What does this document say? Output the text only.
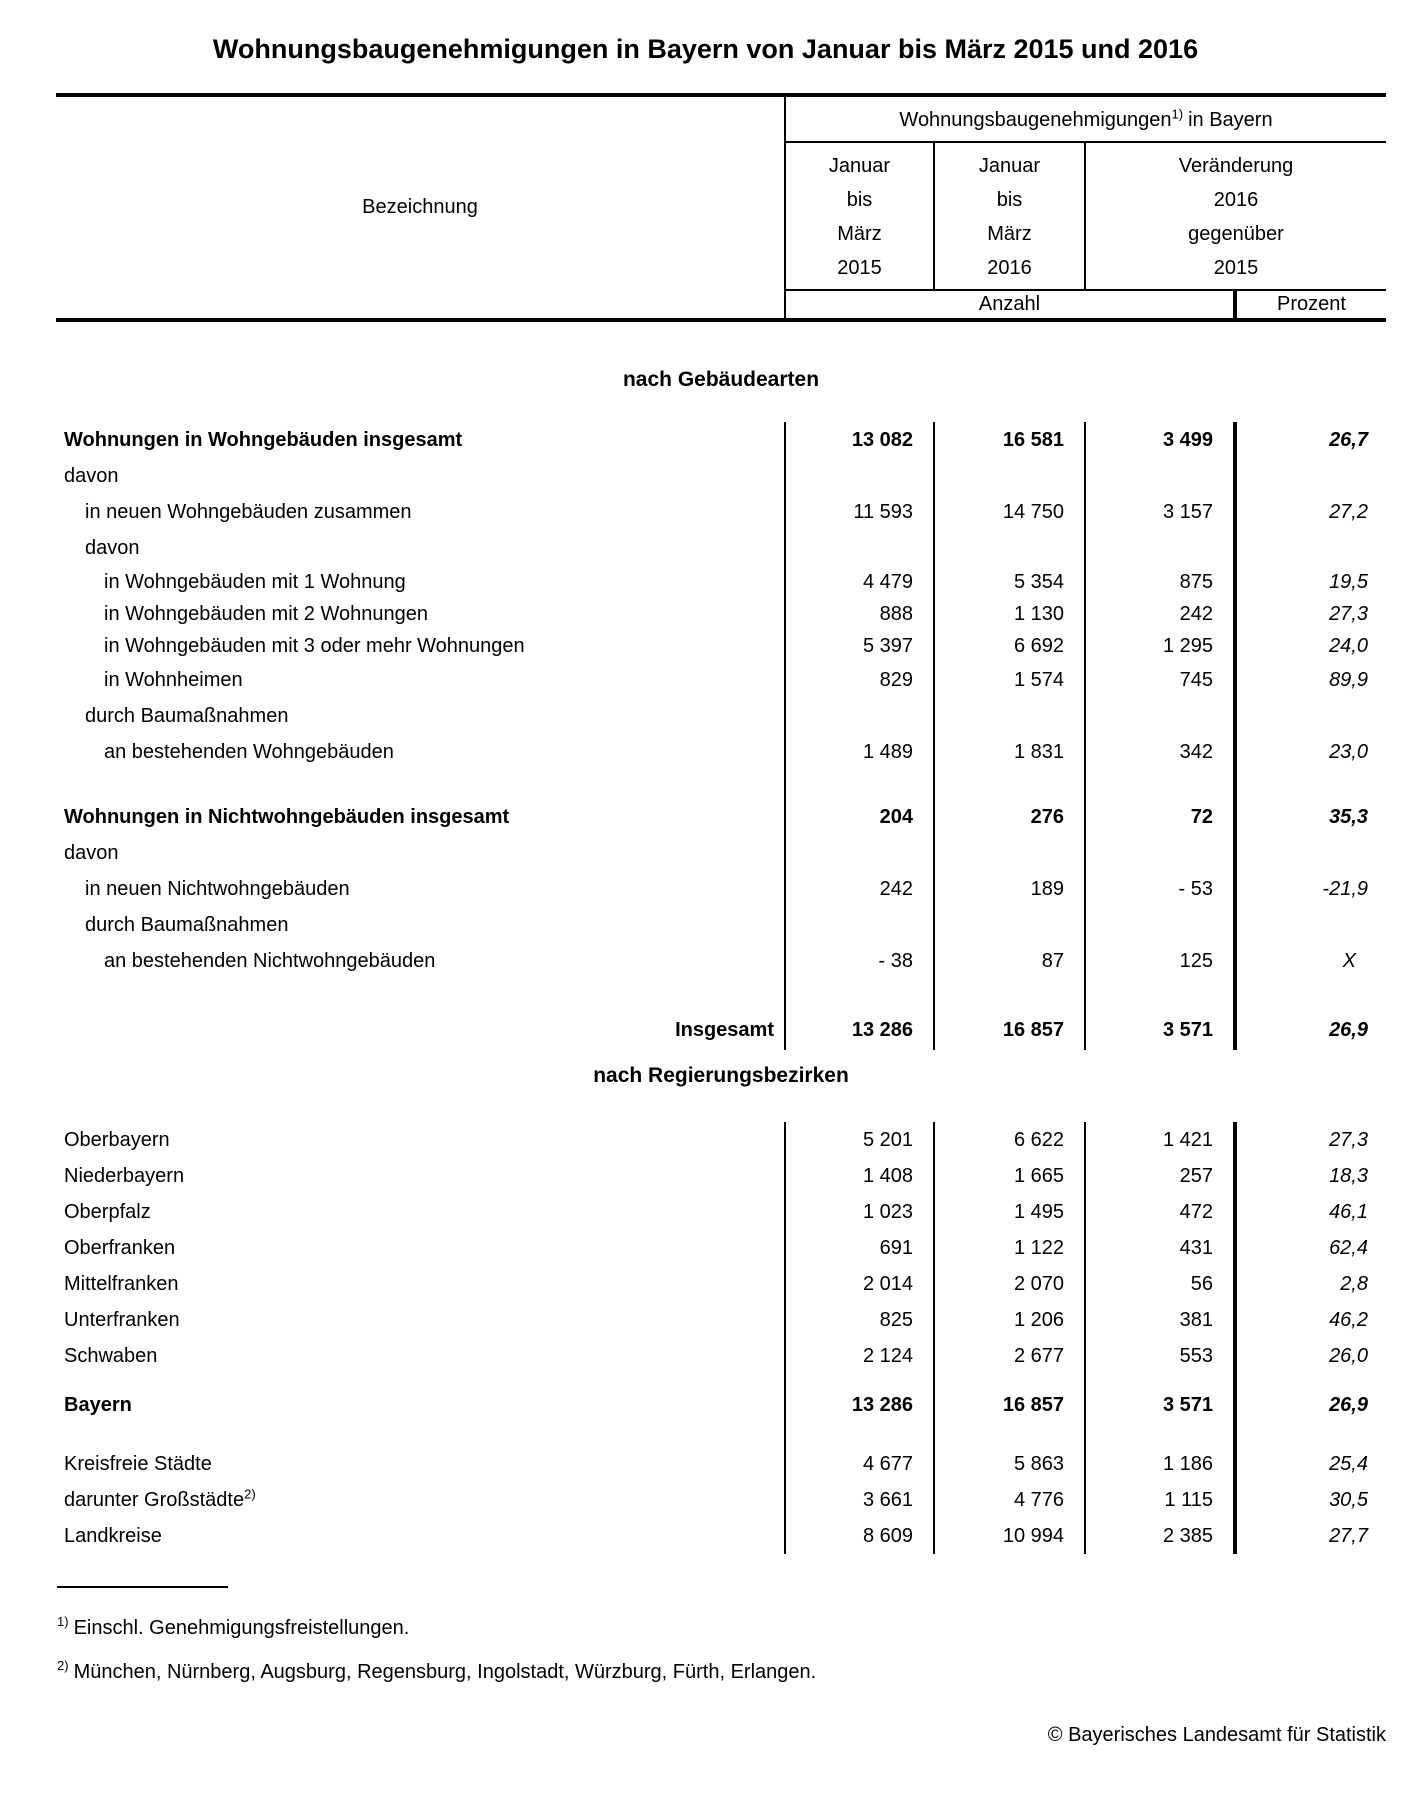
Wohnungsbaugenehmigungen in Bayern von Januar bis März 2015 und 2016
Bezeichnung
Wohnungsbaugenehmigungen$^{1)}$ in Bayern
Januar
bis
März
2015
Januar
bis
März
2016
Veränderung
2016
gegenüber
2015
Anzahl	Prozent
nach Gebäudearten
Wohnungen in Wohngebäuden insgesamt	13 082	16 581	3 499	26,7
davon
in neuen Wohngebäuden zusammen	11 593	14 750	3 157	27,2
davon
in Wohngebäuden mit 1 Wohnung	4 479	5 354	875	19,5
in Wohngebäuden mit 2 Wohnungen	888	1 130	242	27,3
in Wohngebäuden mit 3 oder mehr Wohnungen	5 397	6 692	1 295	24,0
in Wohnheimen	829	1 574	745	89,9
durch Baumaßnahmen
an bestehenden Wohngebäuden	1 489	1 831	342	23,0
Wohnungen in Nichtwohngebäuden insgesamt	204	276	72	35,3
davon
in neuen Nichtwohngebäuden	242	189	- 53	-21,9
durch Baumaßnahmen
an bestehenden Nichtwohngebäuden	- 38	87	125	X
Insgesamt	13 286	16 857	3 571	26,9
nach Regierungsbezirken
Oberbayern	5 201	6 622	1 421	27,3
Niederbayern	1 408	1 665	257	18,3
Oberpfalz	1 023	1 495	472	46,1
Oberfranken	691	1 122	431	62,4
Mittelfranken	2 014	2 070	56	2,8
Unterfranken	825	1 206	381	46,2
Schwaben	2 124	2 677	553	26,0
Bayern	13 286	16 857	3 571	26,9
Kreisfreie Städte	4 677	5 863	1 186	25,4
darunter Großstädte$^{2)}$	3 661	4 776	1 115	30,5
Landkreise	8 609	10 994	2 385	27,7
$^{1)}$ Einschl. Genehmigungsfreistellungen.
$^{2)}$ München, Nürnberg, Augsburg, Regensburg, Ingolstadt, Würzburg, Fürth, Erlangen.
© Bayerisches Landesamt für Statistik
